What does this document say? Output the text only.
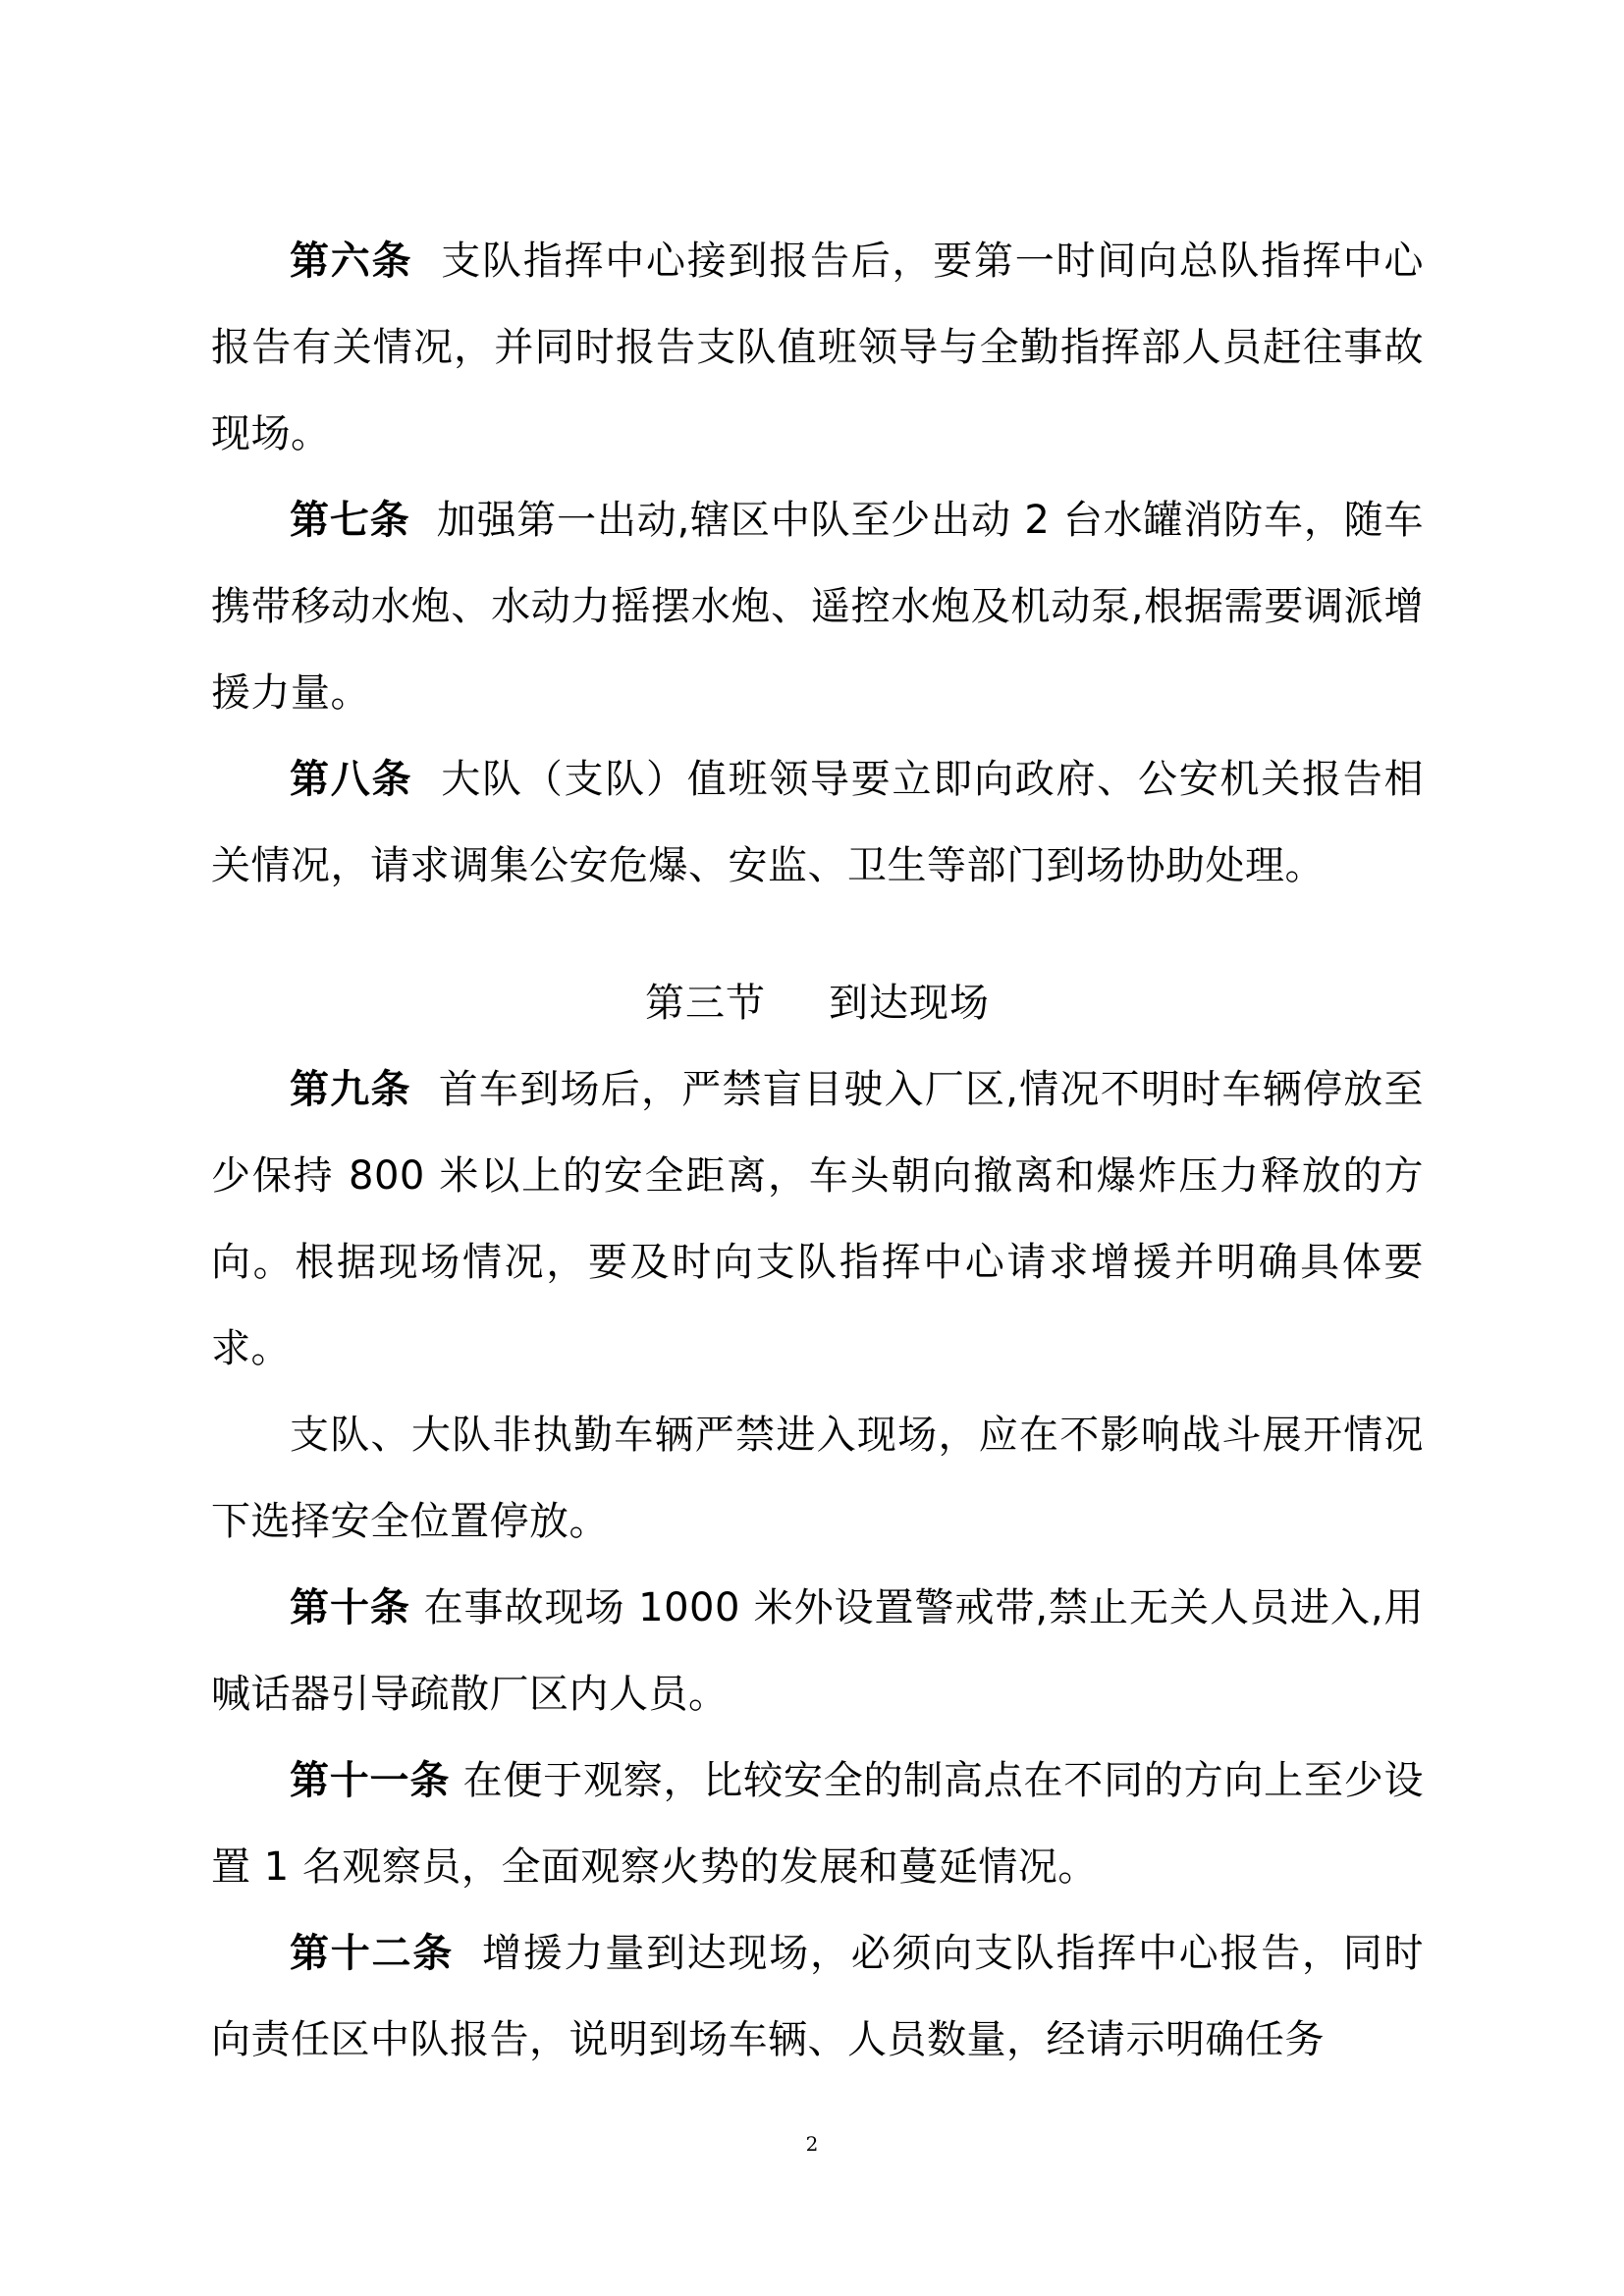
第六条 支队指挥中心接到报告后，要第一时间向总队指挥中心报告有关情况，并同时报告支队值班领导与全勤指挥部人员赶往事故现场。

第七条 加强第一出动,辖区中队至少出动 2 台水罐消防车，随车携带移动水炮、水动力摇摆水炮、遥控水炮及机动泵,根据需要调派增援力量。

第八条 大队（支队）值班领导要立即向政府、公安机关报告相关情况，请求调集公安危爆、安监、卫生等部门到场协助处理。

第三节 到达现场

第九条 首车到场后，严禁盲目驶入厂区,情况不明时车辆停放至少保持 800 米以上的安全距离，车头朝向撤离和爆炸压力释放的方向。根据现场情况，要及时向支队指挥中心请求增援并明确具体要求。

支队、大队非执勤车辆严禁进入现场，应在不影响战斗展开情况下选择安全位置停放。

第十条 在事故现场 1000 米外设置警戒带,禁止无关人员进入,用喊话器引导疏散厂区内人员。

第十一条 在便于观察，比较安全的制高点在不同的方向上至少设置 1 名观察员，全面观察火势的发展和蔓延情况。

第十二条 增援力量到达现场，必须向支队指挥中心报告，同时向责任区中队报告，说明到场车辆、人员数量，经请示明确任务

2
